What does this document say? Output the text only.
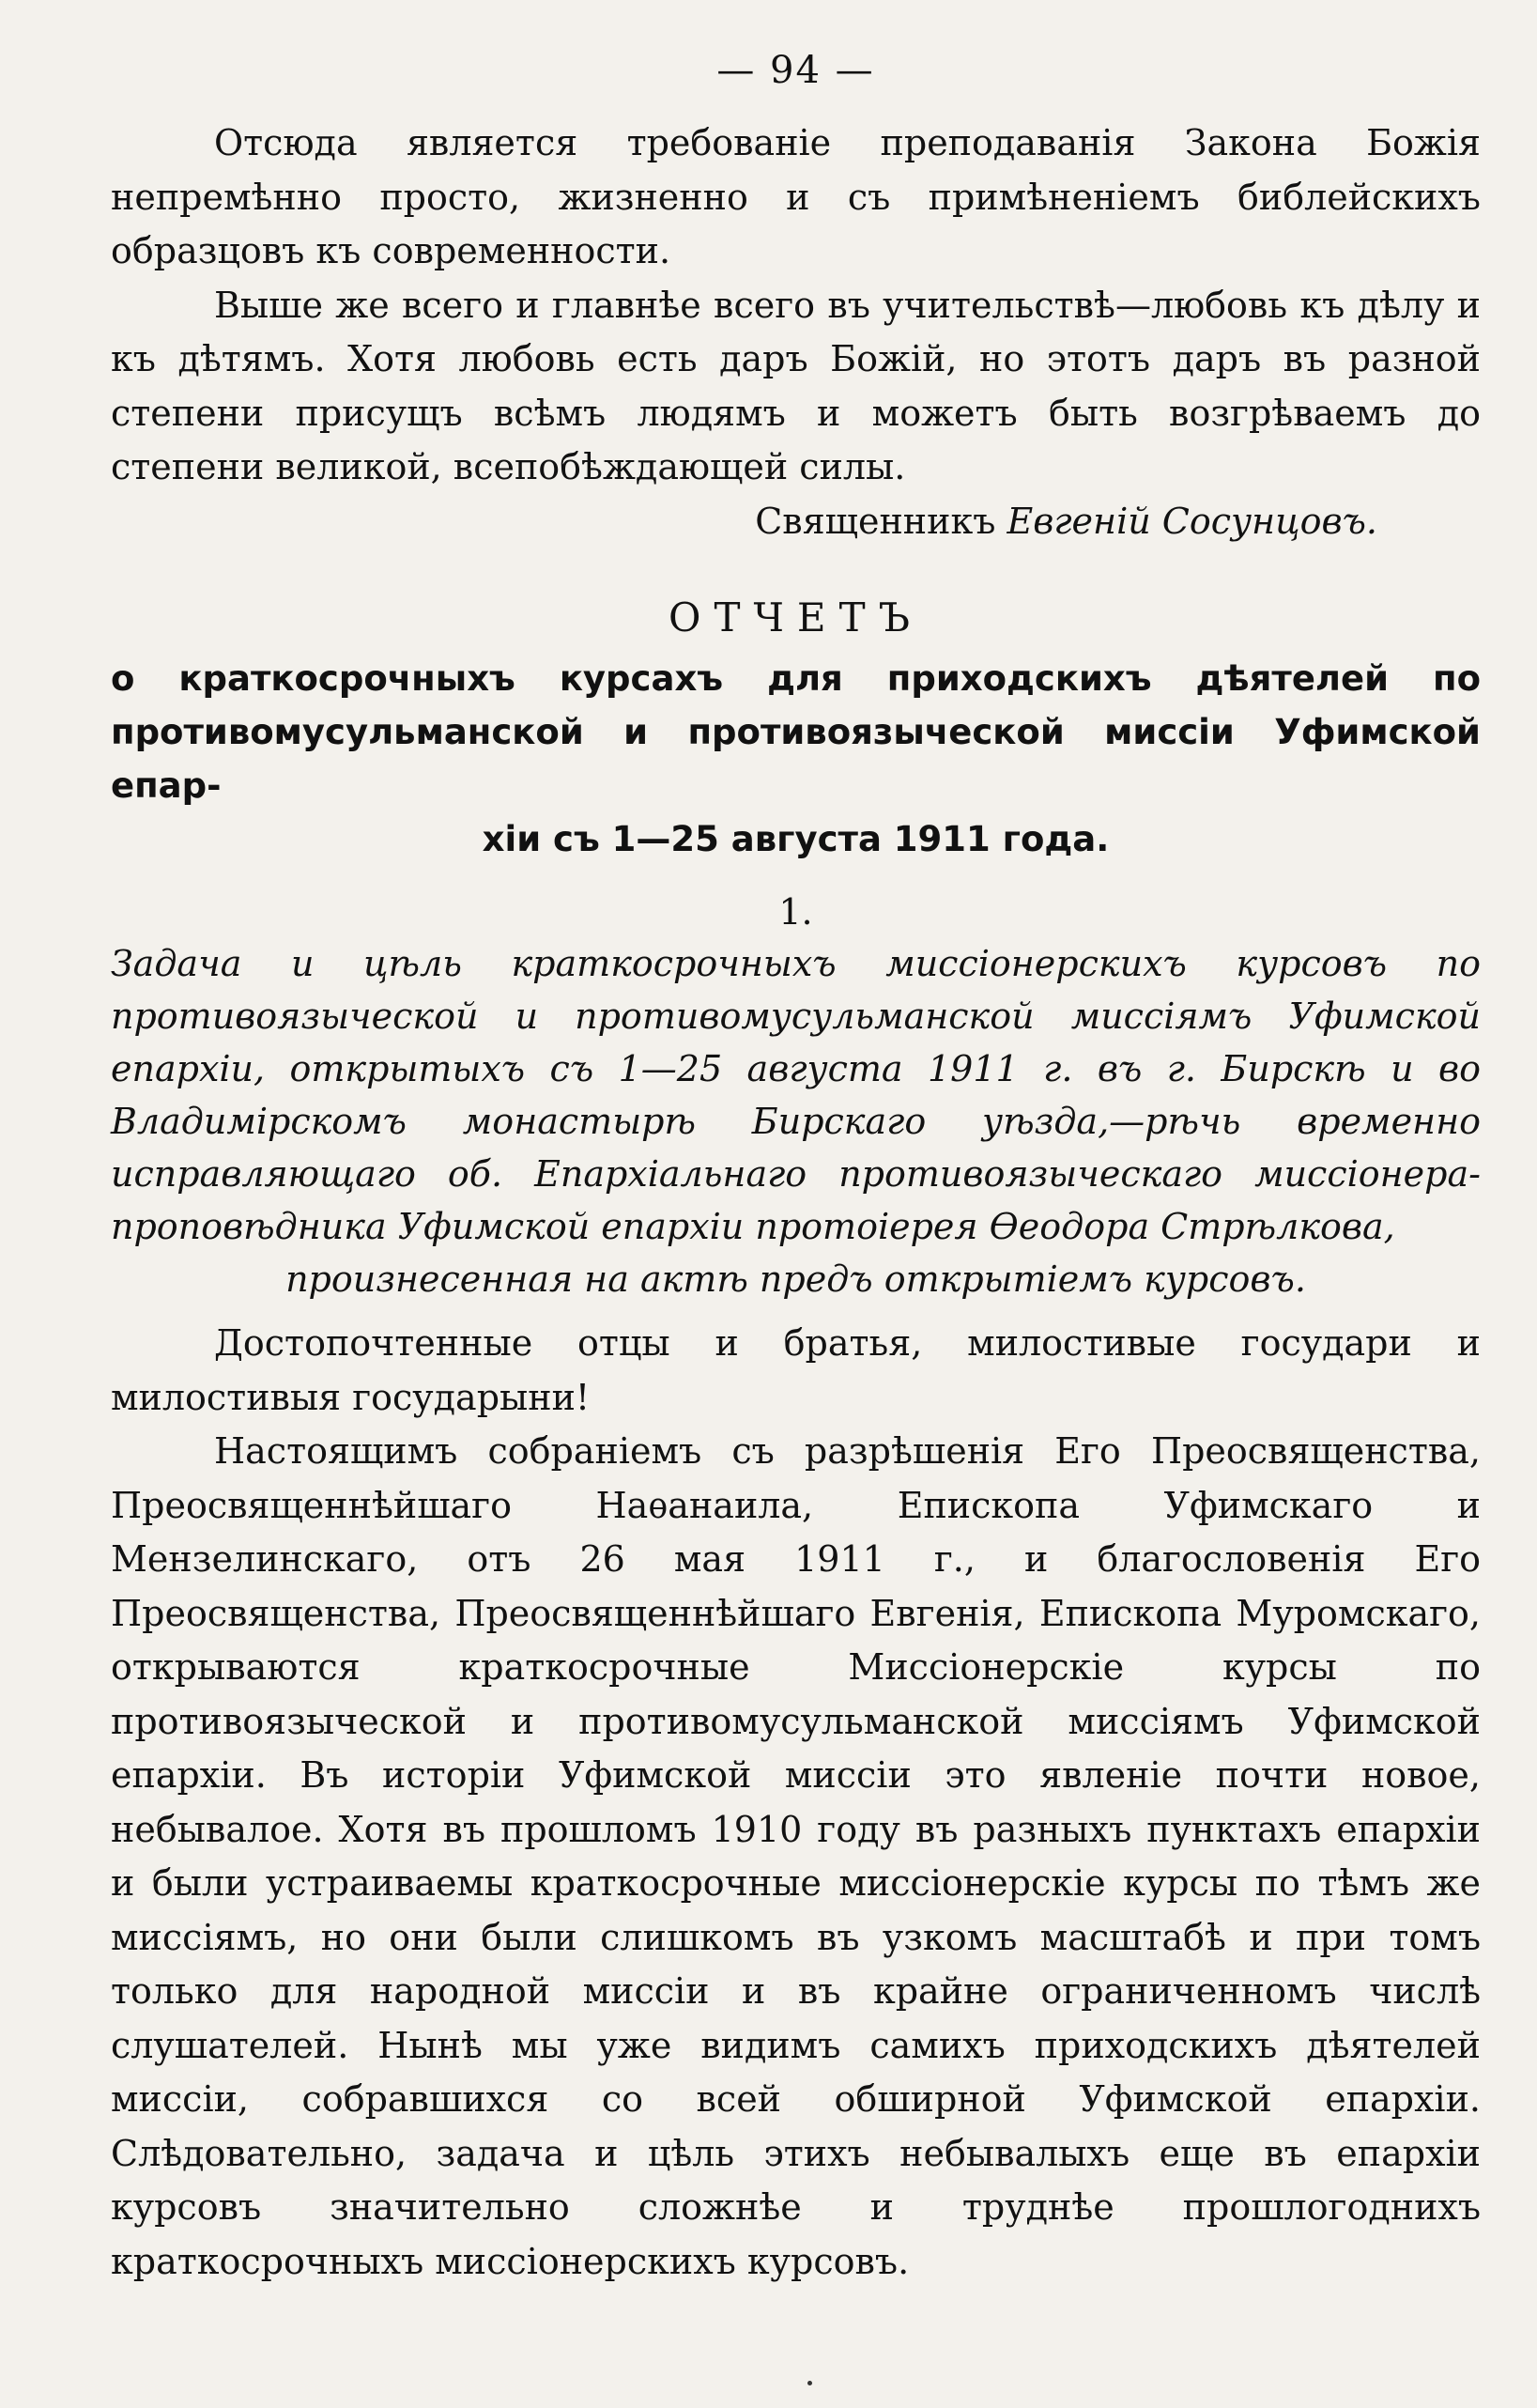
— 94 —

Отсюда является требованіе преподаванія Закона Божія непремѣнно просто, жизненно и съ примѣненіемъ библейскихъ образцовъ къ современности.

Выше же всего и главнѣе всего въ учительствѣ—любовь къ дѣлу и къ дѣтямъ. Хотя любовь есть даръ Божій, но этотъ даръ въ разной степени присущъ всѣмъ людямъ и можетъ быть возгрѣваемъ до степени великой, всепобѣждающей силы.

Священникъ Евгеній Сосунцовъ.
ОТЧЕТЪ
о краткосрочныхъ курсахъ для приходскихъ дѣятелей по противомусульманской и противоязыческой миссіи Уфимской епар-
хіи съ 1—25 августа 1911 года.
1.
Задача и цѣль краткосрочныхъ миссіонерскихъ курсовъ по противоязыческой и противомусульманской миссіямъ Уфимской епархіи, открытыхъ съ 1—25 августа 1911 г. въ г. Бирскѣ и во Владимірскомъ монастырѣ Бирскаго уѣзда,—рѣчь временно исправляющаго об. Епархіальнаго противоязыческаго миссіонера-проповѣдника Уфимской епархіи протоіерея Ѳеодора Стрѣлкова,
произнесенная на актѣ предъ открытіемъ курсовъ.

Достопочтенные отцы и братья, милостивые государи и милостивыя государыни!

Настоящимъ собраніемъ съ разрѣшенія Его Преосвященства, Преосвященнѣйшаго Наѳанаила, Епископа Уфимскаго и Мензелинскаго, отъ 26 мая 1911 г., и благословенія Его Преосвященства, Преосвященнѣйшаго Евгенія, Епископа Муромскаго, открываются краткосрочные Миссіонерскіе курсы по противоязыческой и противомусульманской миссіямъ Уфимской епархіи. Въ исторіи Уфимской миссіи это явленіе почти новое, небывалое. Хотя въ прошломъ 1910 году въ разныхъ пунктахъ епархіи и были устраиваемы краткосрочные миссіонерскіе курсы по тѣмъ же миссіямъ, но они были слишкомъ въ узкомъ масштабѣ и при томъ только для народной миссіи и въ крайне ограниченномъ числѣ слушателей. Нынѣ мы уже видимъ самихъ приходскихъ дѣятелей миссіи, собравшихся со всей обширной Уфимской епархіи. Слѣдовательно, задача и цѣль этихъ небывалыхъ еще въ епархіи курсовъ значительно сложнѣе и труднѣе прошлогоднихъ краткосрочныхъ миссіонерскихъ курсовъ.
